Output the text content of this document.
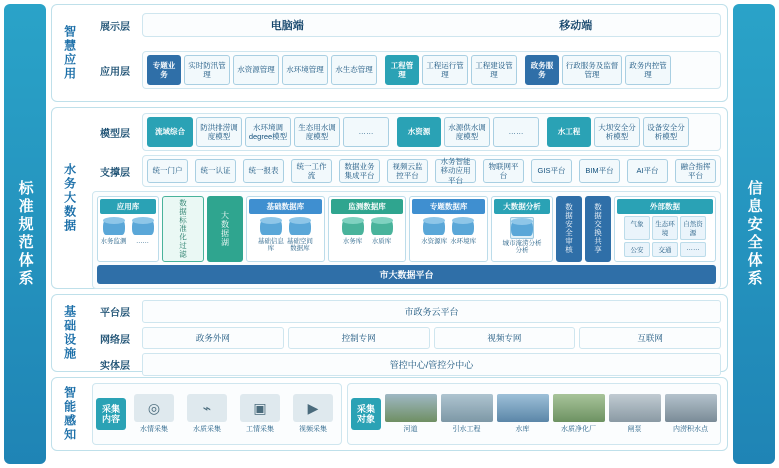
标准规范体系
智慧应用	展示层	电脑端	移动端
应用层
专题业务
实时防汛管理
水资源管理	水环境管理	水生态管理
工程管理
工程运行管理
工程建设管理
政务服务
行政服务及监督管理
政务内控管理
水务大数据
模型层	流域综合
防洪排涝调度模型
水环境调degree模型
生态用水调度模型
……	水资源
水源供水调度模型
……	水工程
大坝安全分析模型
设备安全分析模型
支撑层	统一门户	统一认证	统一报表
统一工作流
数据业务集成平台
视频云监控平台
水务智能移动应用平台
物联网平台
GIS平台	BIM平台	AI平台
融合指挥平台
应用库
水务监测 ……	数据标准化过滤	大数据湖
基础数据库
基础信息库
基础空间数据库
监测数据库
水务库 水质库
专题数据库
水资源库 水环境库
大数据分析
城市淹涝分析分析	数据安全审核	数据交换共享	外部数据
气象	生态环境
自然资源
公安	交通	……
市大数据平台
基础设施	平台层	市政务云平台
网络层	政务外网	控制专网	视频专网	互联网
实体层	管控中心/管控分中心
智能感知	采集内容
◎
水情采集
⌁
水质采集
▣
工情采集
▶
视频采集
采集对象
河道	引水工程	水库	水质净化厂	闸泵	内涝积水点
信息安全体系
